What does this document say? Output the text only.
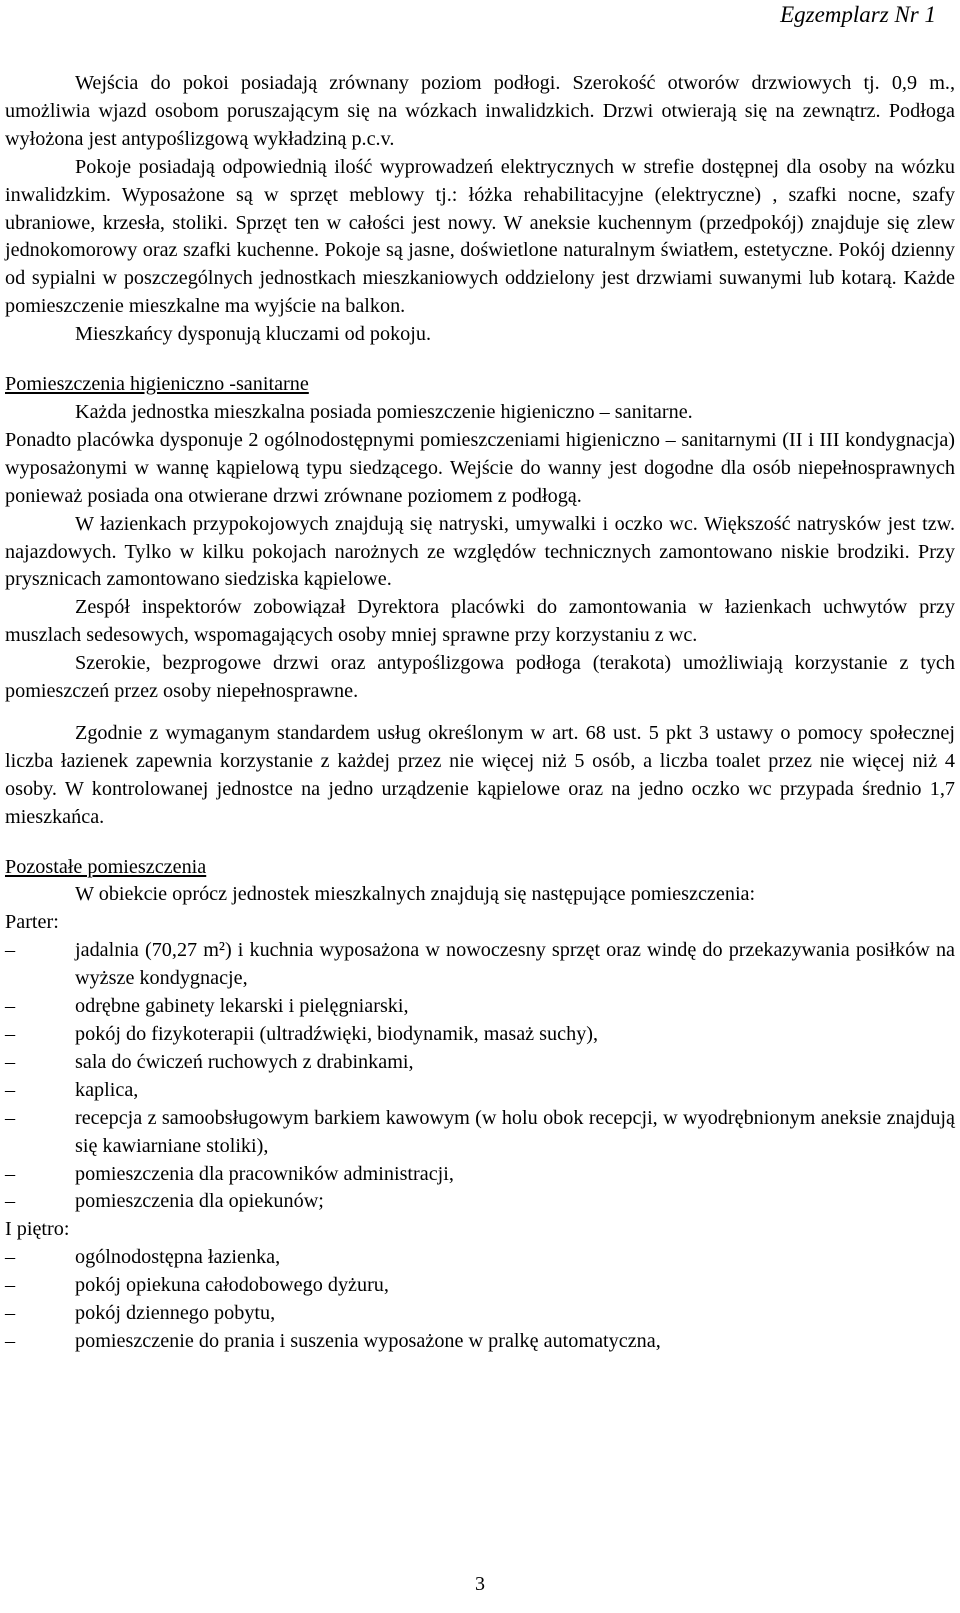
Egzemplarz Nr 1

Wejścia do pokoi posiadają zrównany poziom podłogi. Szerokość otworów drzwiowych tj. 0,9 m., umożliwia wjazd osobom poruszającym się na wózkach inwalidzkich. Drzwi otwierają się na zewnątrz. Podłoga wyłożona jest antypoślizgową wykładziną p.c.v.

Pokoje posiadają odpowiednią ilość wyprowadzeń elektrycznych w strefie dostępnej dla osoby na wózku inwalidzkim. Wyposażone są w sprzęt meblowy tj.: łóżka rehabilitacyjne (elektryczne) , szafki nocne, szafy ubraniowe, krzesła, stoliki. Sprzęt ten w całości jest nowy. W aneksie kuchennym (przedpokój) znajduje się zlew jednokomorowy oraz szafki kuchenne. Pokoje są jasne, doświetlone naturalnym światłem, estetyczne. Pokój dzienny od sypialni w poszczególnych jednostkach mieszkaniowych oddzielony jest drzwiami suwanymi lub kotarą. Każde pomieszczenie mieszkalne ma wyjście na balkon.

Mieszkańcy dysponują kluczami od pokoju.

Pomieszczenia higieniczno -sanitarne

Każda jednostka mieszkalna posiada pomieszczenie higieniczno – sanitarne.

Ponadto placówka dysponuje 2 ogólnodostępnymi pomieszczeniami higieniczno – sanitarnymi (II i III kondygnacja) wyposażonymi w wannę kąpielową typu siedzącego. Wejście do wanny jest dogodne dla osób niepełnosprawnych ponieważ posiada ona otwierane drzwi zrównane poziomem z podłogą.

W łazienkach przypokojowych znajdują się natryski, umywalki i oczko wc. Większość natrysków jest tzw. najazdowych. Tylko w kilku pokojach narożnych ze względów technicznych zamontowano niskie brodziki. Przy prysznicach zamontowano siedziska kąpielowe.

Zespół inspektorów zobowiązał Dyrektora placówki do zamontowania w łazienkach uchwytów przy muszlach sedesowych, wspomagających osoby mniej sprawne przy korzystaniu z wc.

Szerokie, bezprogowe drzwi oraz antypoślizgowa podłoga (terakota) umożliwiają korzystanie z tych pomieszczeń przez osoby niepełnosprawne.

Zgodnie z wymaganym standardem usług określonym w art. 68 ust. 5 pkt 3 ustawy o pomocy społecznej liczba łazienek zapewnia korzystanie z każdej przez nie więcej niż 5 osób, a liczba toalet przez nie więcej niż 4 osoby. W kontrolowanej jednostce na jedno urządzenie kąpielowe oraz na jedno oczko wc przypada średnio 1,7 mieszkańca.

Pozostałe pomieszczenia

W obiekcie oprócz jednostek mieszkalnych znajdują się następujące pomieszczenia:

Parter:

– jadalnia (70,27 m²) i kuchnia wyposażona w nowoczesny sprzęt oraz windę do przekazywania posiłków na wyższe kondygnacje,
– odrębne gabinety lekarski i pielęgniarski,
– pokój do fizykoterapii (ultradźwięki, biodynamik, masaż suchy),
– sala do ćwiczeń ruchowych z drabinkami,
– kaplica,
– recepcja z samoobsługowym barkiem kawowym (w holu obok recepcji, w wyodrębnionym aneksie znajdują się kawiarniane stoliki),
– pomieszczenia dla pracowników administracji,
– pomieszczenia dla opiekunów;

I piętro:

– ogólnodostępna łazienka,
– pokój opiekuna całodobowego dyżuru,
– pokój dziennego pobytu,
– pomieszczenie do prania i suszenia wyposażone w pralkę automatyczna,
3
